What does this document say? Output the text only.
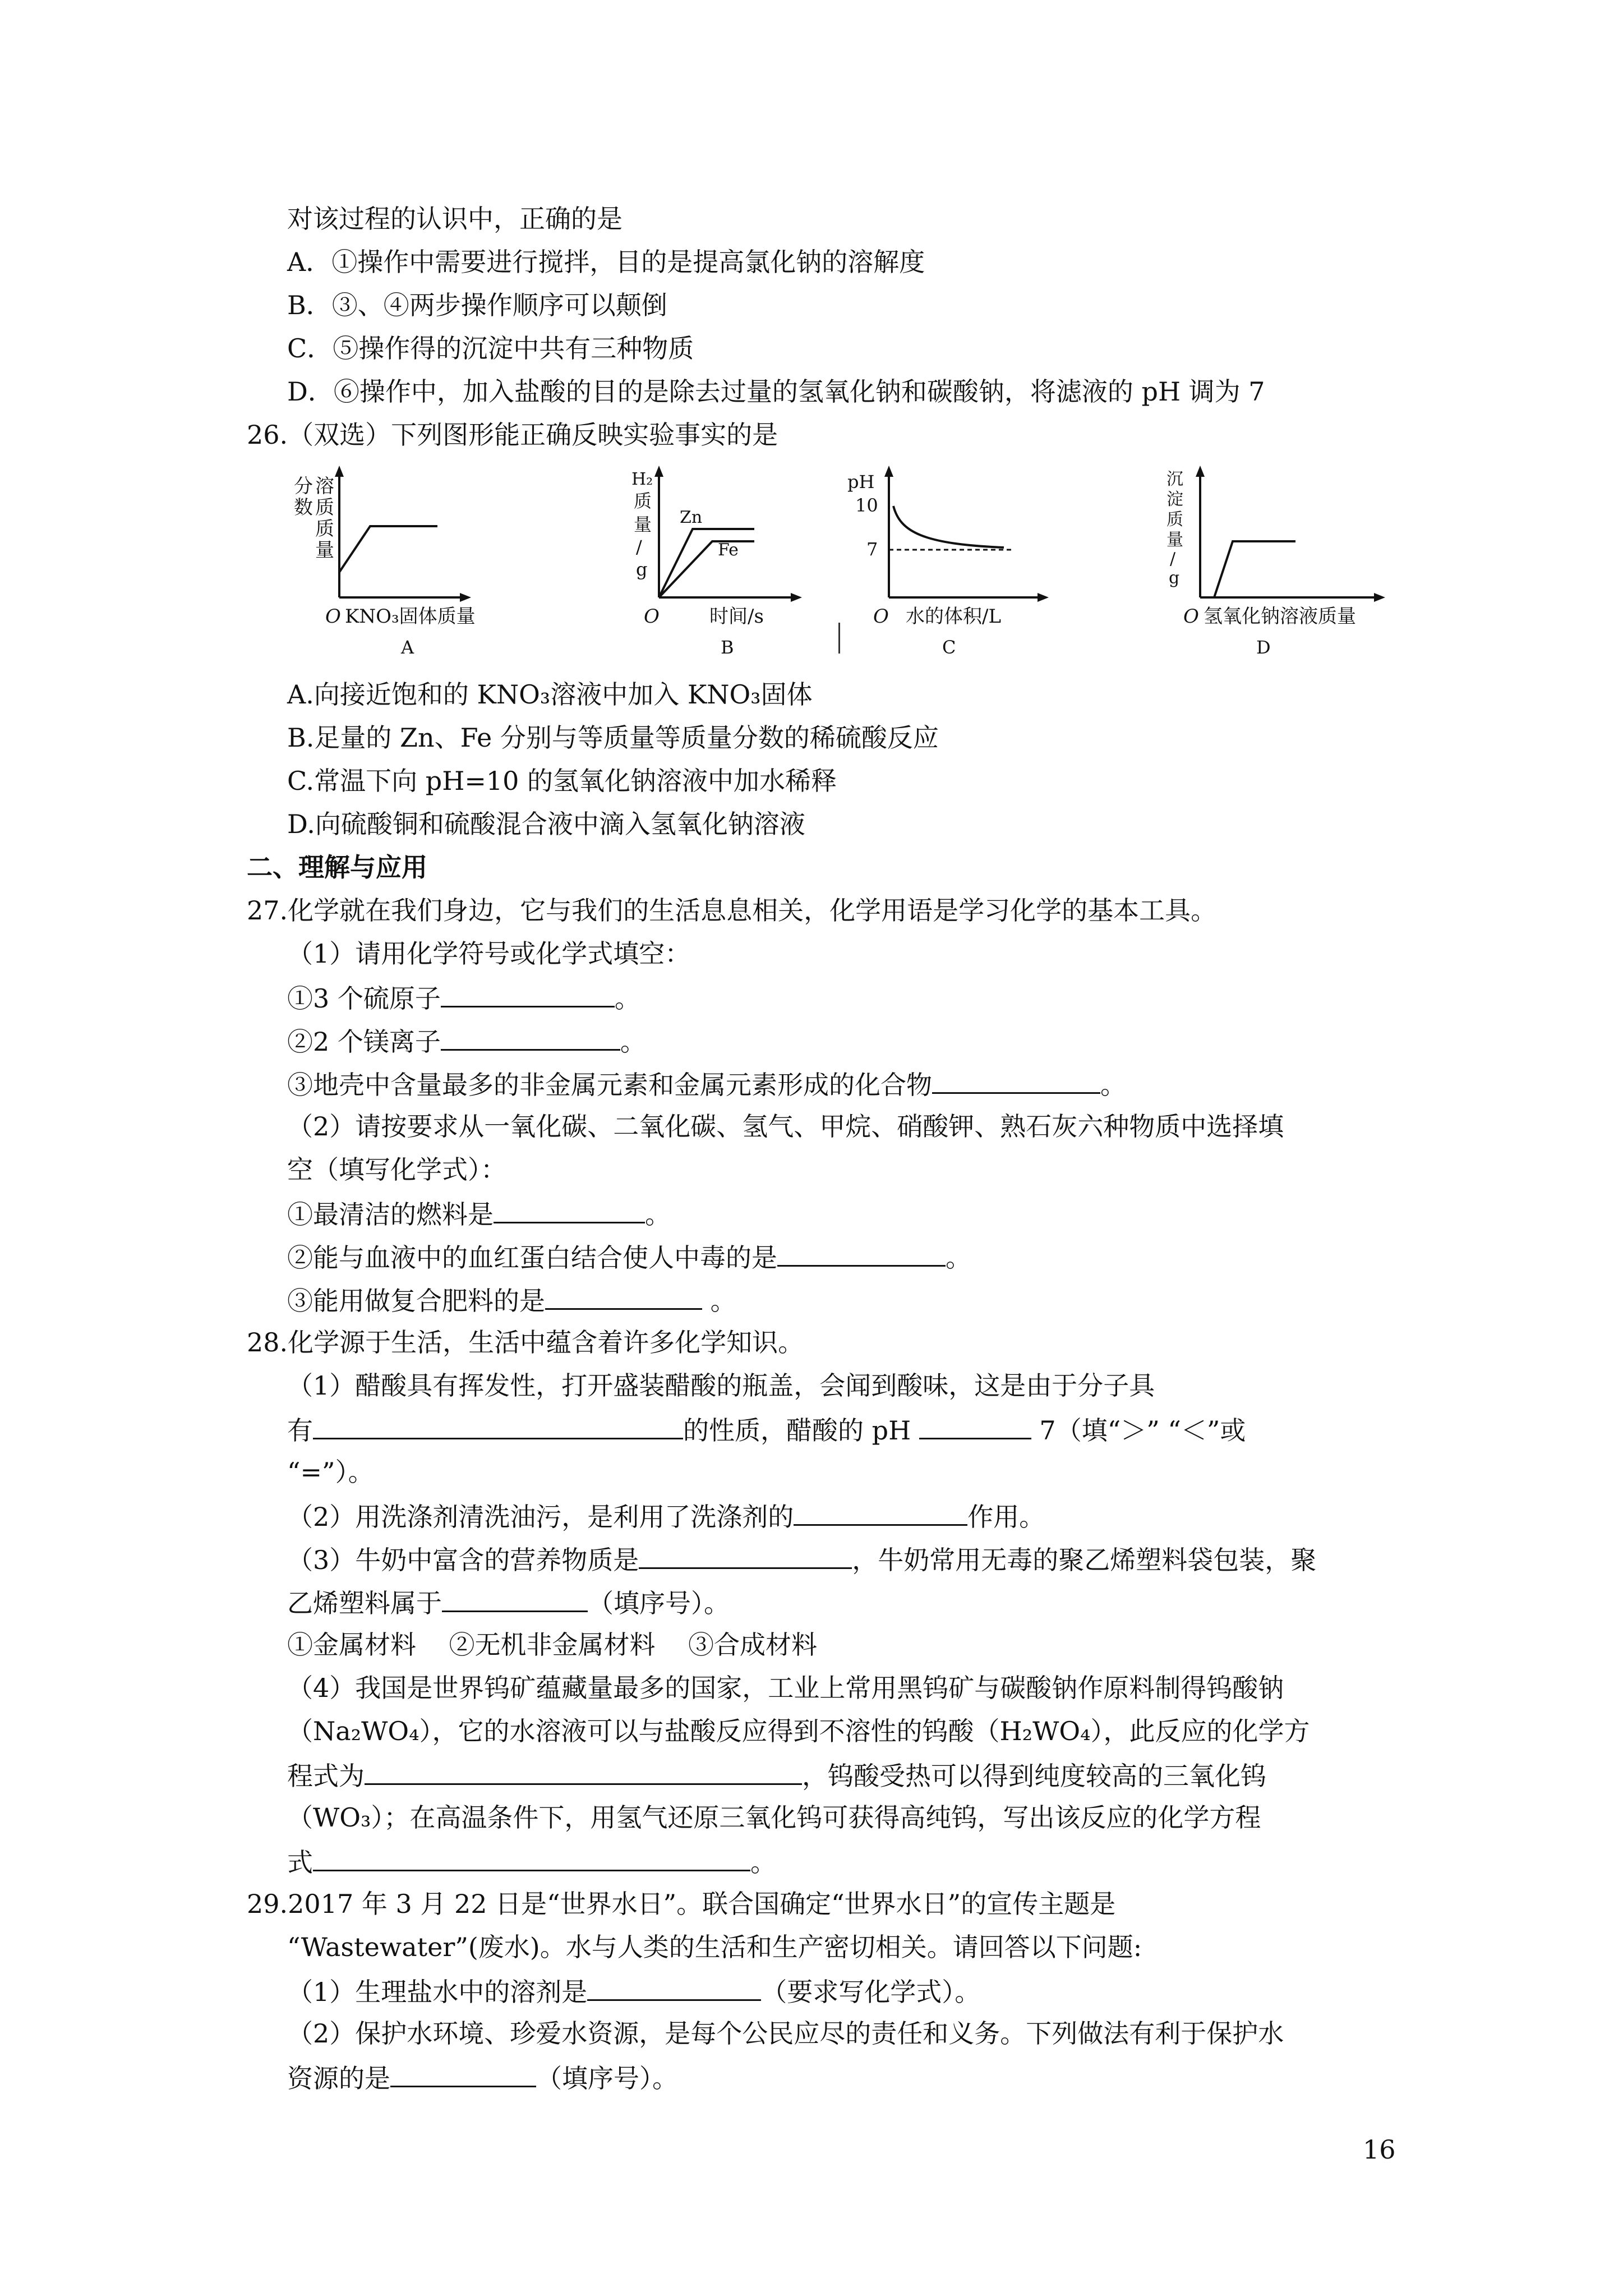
对该过程的认识中，正确的是
A．①操作中需要进行搅拌，目的是提高氯化钠的溶解度
B．③、④两步操作顺序可以颠倒
C．⑤操作得的沉淀中共有三种物质
D．⑥操作中，加入盐酸的目的是除去过量的氢氧化钠和碳酸钠，将滤液的 pH 调为 7
26.（双选）下列图形能正确反映实验事实的是
分
数
溶
质
质
量
O KNO₃固体质量
A
H₂
质
量
/
g
Zn
Fe
O	时间/s
B
pH
10
7
O 水的体积/L
C
沉
淀
质
量
/
g
O 氢氧化钠溶液质量
D
A.向接近饱和的 KNO₃溶液中加入 KNO₃固体
B.足量的 Zn、Fe 分别与等质量等质量分数的稀硫酸反应
C.常温下向 pH=10 的氢氧化钠溶液中加水稀释
D.向硫酸铜和硫酸混合液中滴入氢氧化钠溶液
二、理解与应用
27.化学就在我们身边，它与我们的生活息息相关，化学用语是学习化学的基本工具。
（1）请用化学符号或化学式填空：
①3 个硫原子	。
②2 个镁离子	。
③地壳中含量最多的非金属元素和金属元素形成的化合物	。
（2）请按要求从一氧化碳、二氧化碳、氢气、甲烷、硝酸钾、熟石灰六种物质中选择填
空（填写化学式）：
①最清洁的燃料是	。
②能与血液中的血红蛋白结合使人中毒的是	。
③能用做复合肥料的是	。
28.化学源于生活，生活中蕴含着许多化学知识。
（1）醋酸具有挥发性，打开盛装醋酸的瓶盖，会闻到酸味，这是由于分子具
有	的性质，醋酸的 pH	7（填“＞” “＜”或
“=”）。
（2）用洗涤剂清洗油污，是利用了洗涤剂的	作用。
（3）牛奶中富含的营养物质是	，牛奶常用无毒的聚乙烯塑料袋包装，聚
乙烯塑料属于	（填序号）。
①金属材料    ②无机非金属材料    ③合成材料
（4）我国是世界钨矿蕴藏量最多的国家，工业上常用黑钨矿与碳酸钠作原料制得钨酸钠
（Na₂WO₄），它的水溶液可以与盐酸反应得到不溶性的钨酸（H₂WO₄），此反应的化学方
程式为	，钨酸受热可以得到纯度较高的三氧化钨
（WO₃）；在高温条件下，用氢气还原三氧化钨可获得高纯钨，写出该反应的化学方程
式	。
29.2017 年 3 月 22 日是“世界水日”。联合国确定“世界水日”的宣传主题是
“Wastewater”(废水)。水与人类的生活和生产密切相关。请回答以下问题:
（1）生理盐水中的溶剂是	（要求写化学式）。
（2）保护水环境、珍爱水资源，是每个公民应尽的责任和义务。下列做法有利于保护水
资源的是	（填序号）。
16
